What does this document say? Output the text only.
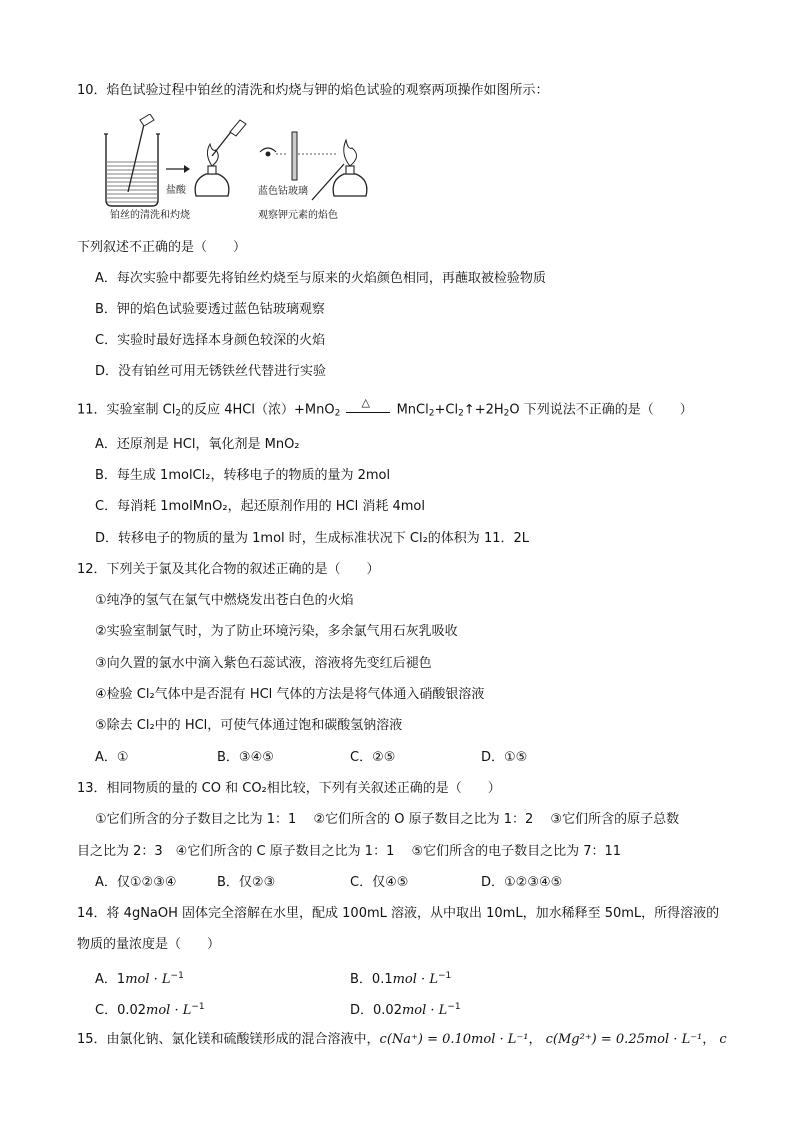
10．焰色试验过程中铂丝的清洗和灼烧与钾的焰色试验的观察两项操作如图所示：
盐酸
铂丝的清洗和灼烧
蓝色钴玻璃
观察钾元素的焰色
下列叙述不正确的是（　　）
A．每次实验中都要先将铂丝灼烧至与原来的火焰颜色相同，再蘸取被检验物质
B．钾的焰色试验要透过蓝色钴玻璃观察
C．实验时最好选择本身颜色较深的火焰
D．没有铂丝可用无锈铁丝代替进行实验
11．实验室制 $Cl_2$的反应 4HCl（浓）+MnO$_2$
△ $MnCl_2+Cl_2↑+2H_2O$ 下列说法不正确的是（　　）
A．还原剂是 HCl，氧化剂是 MnO₂
B．每生成 1molCl₂，转移电子的物质的量为 2mol
C．每消耗 1molMnO₂，起还原剂作用的 HCl 消耗 4mol
D．转移电子的物质的量为 1mol 时，生成标准状况下 Cl₂的体积为 11．2L
12．下列关于氯及其化合物的叙述正确的是（　　）
①纯净的氢气在氯气中燃烧发出苍白色的火焰
②实验室制氯气时，为了防止环境污染，多余氯气用石灰乳吸收
③向久置的氯水中滴入紫色石蕊试液，溶液将先变红后褪色
④检验 Cl₂气体中是否混有 HCl 气体的方法是将气体通入硝酸银溶液
⑤除去 Cl₂中的 HCl，可使气体通过饱和碳酸氢钠溶液
A．①	B．③④⑤	C．②⑤	D．①⑤
13．相同物质的量的 CO 和 CO₂相比较，下列有关叙述正确的是（　　）
①它们所含的分子数目之比为 1：1　 ②它们所含的 O 原子数目之比为 1：2　 ③它们所含的原子总数
目之比为 2：3　④它们所含的 C 原子数目之比为 1：1　 ⑤它们所含的电子数目之比为 7：11
A．仅①②③④	B．仅②③	C．仅④⑤	D．①②③④⑤
14．将 4gNaOH 固体完全溶解在水里，配成 100mL 溶液，从中取出 10mL，加水稀释至 50mL，所得溶液的
物质的量浓度是（　　）
A．$1mol \cdot L^{-1}$	B．$0.1mol \cdot L^{-1}$
C．$0.02mol \cdot L^{-1}$	D．$0.02mol \cdot L^{-1}$
15．由氯化钠、氯化镁和硫酸镁形成的混合溶液中，c(Na⁺) = 0.10mol · L⁻¹， c(Mg²⁺) = 0.25mol · L⁻¹， c
